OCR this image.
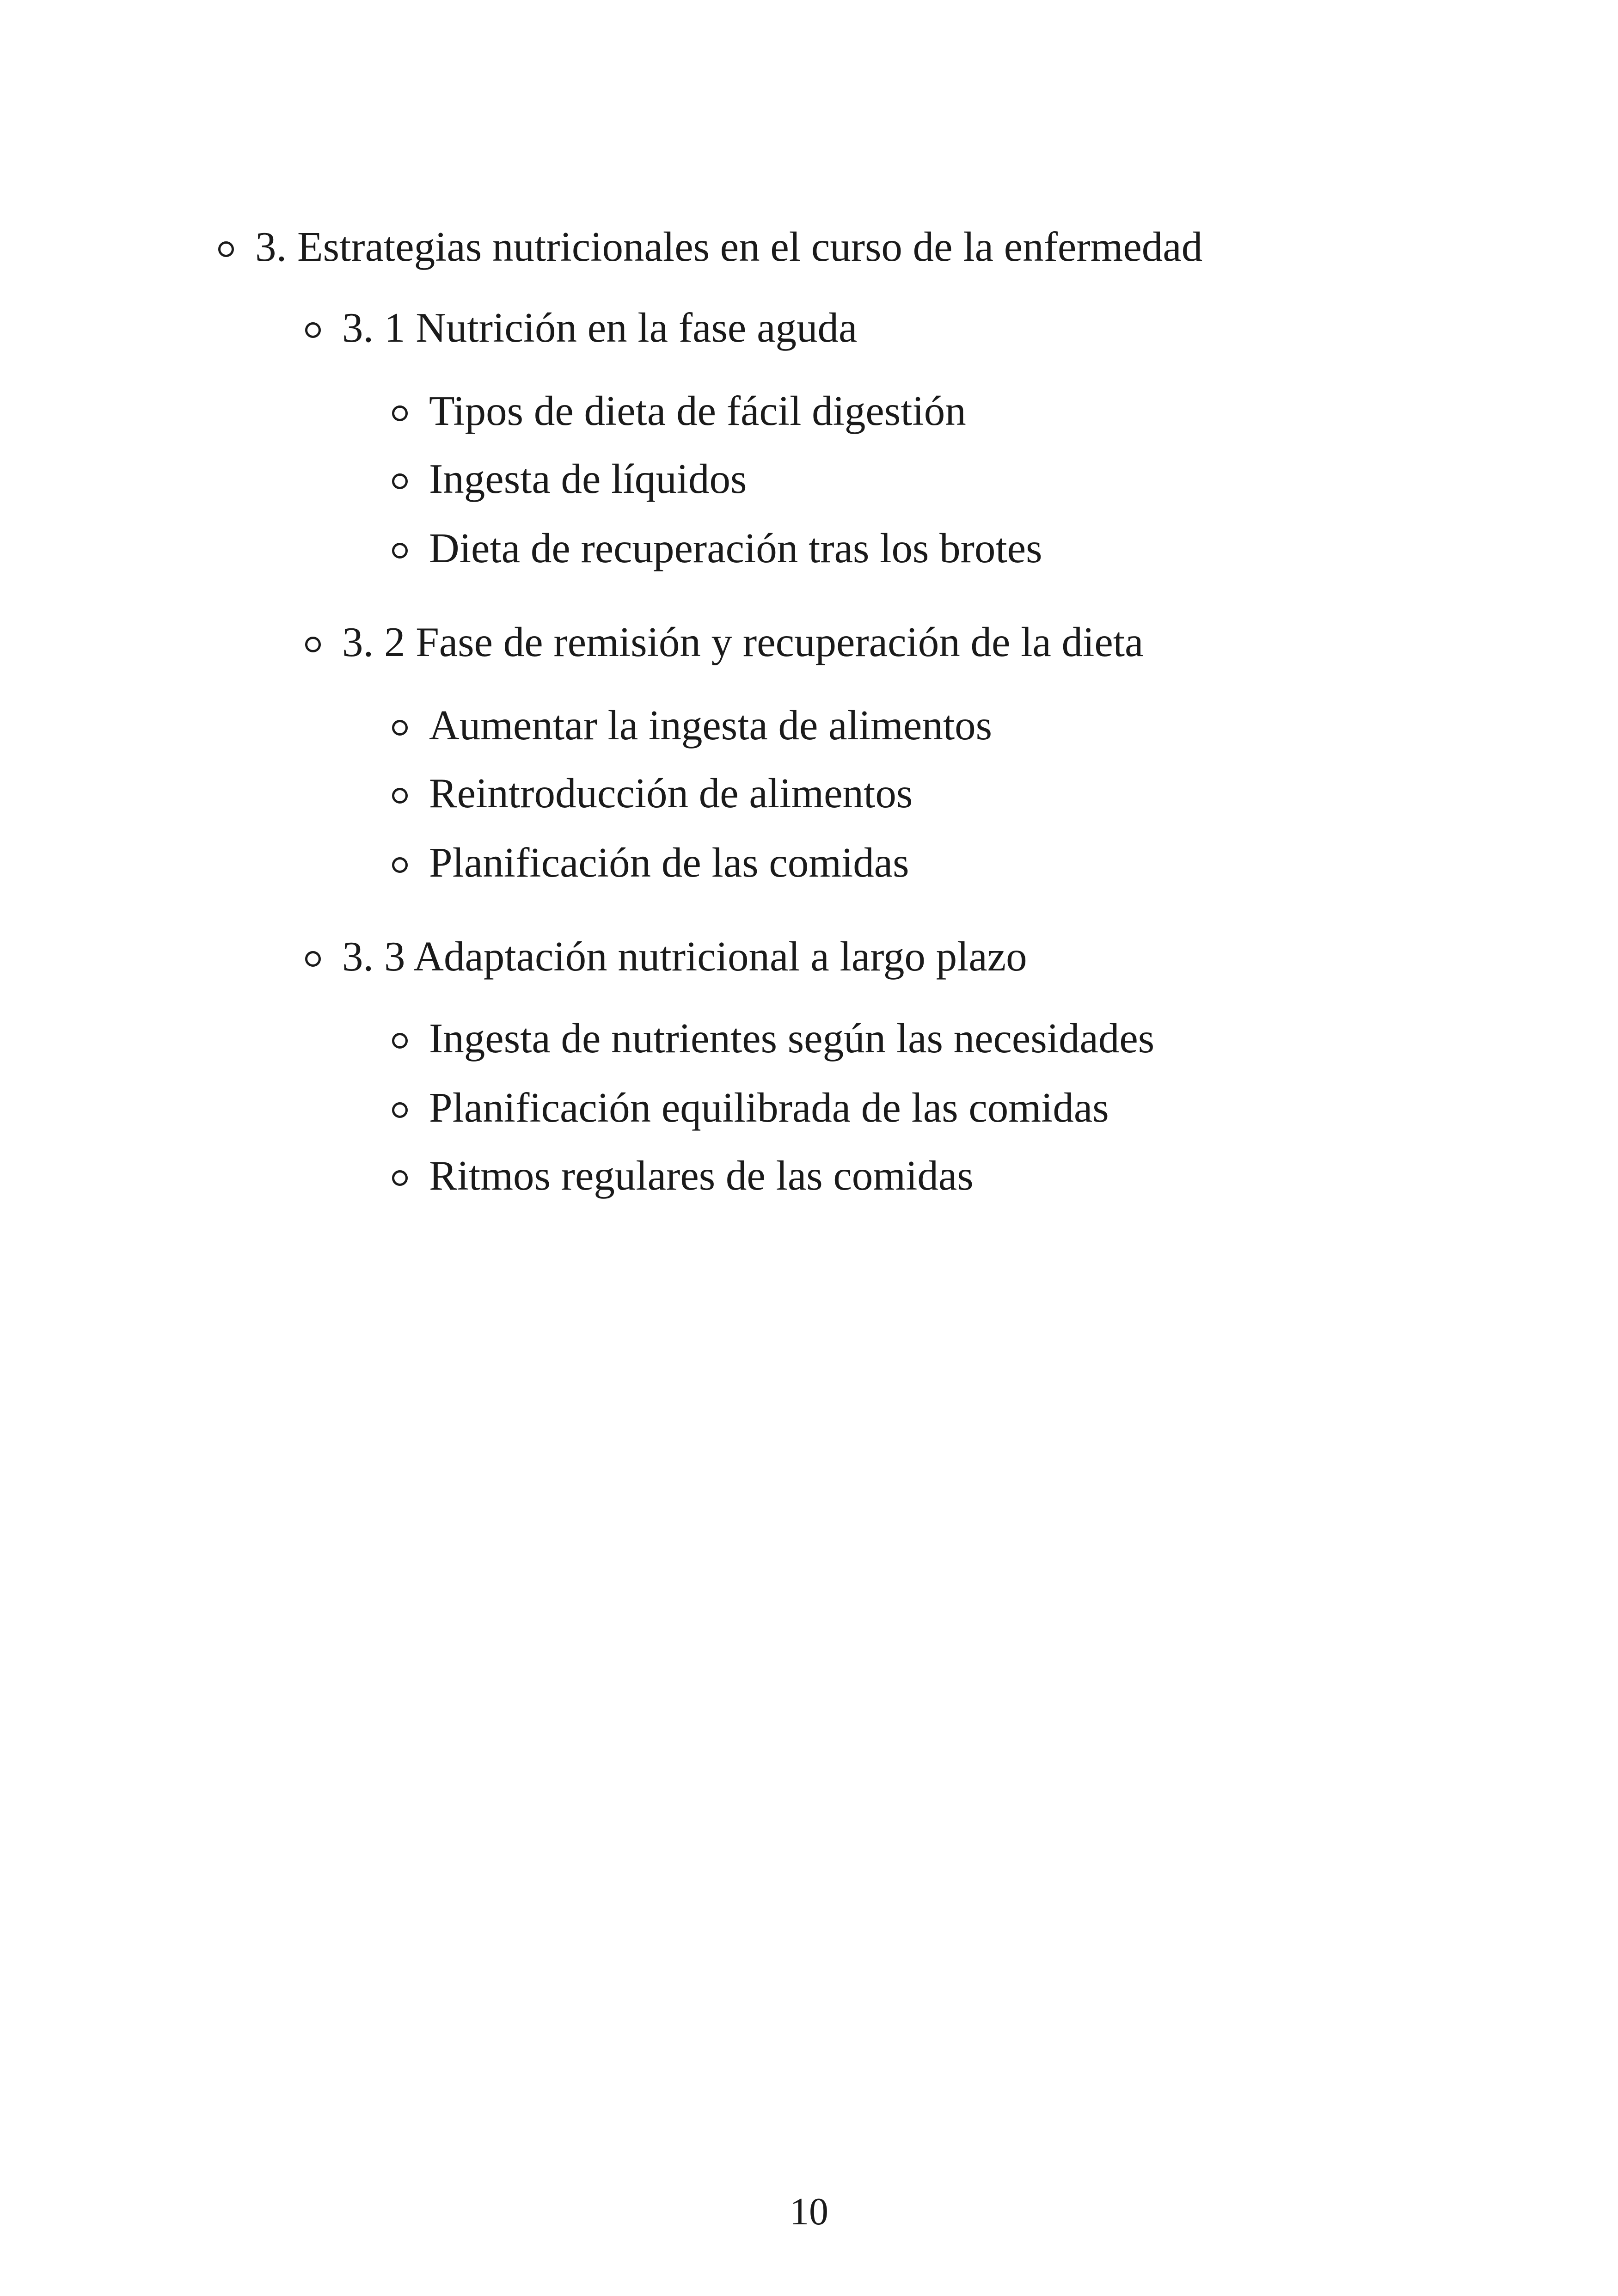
3. Estrategias nutricionales en el curso de la enfermedad
3. 1 Nutrición en la fase aguda
Tipos de dieta de fácil digestión
Ingesta de líquidos
Dieta de recuperación tras los brotes
3. 2 Fase de remisión y recuperación de la dieta
Aumentar la ingesta de alimentos
Reintroducción de alimentos
Planificación de las comidas
3. 3 Adaptación nutricional a largo plazo
Ingesta de nutrientes según las necesidades
Planificación equilibrada de las comidas
Ritmos regulares de las comidas
10
